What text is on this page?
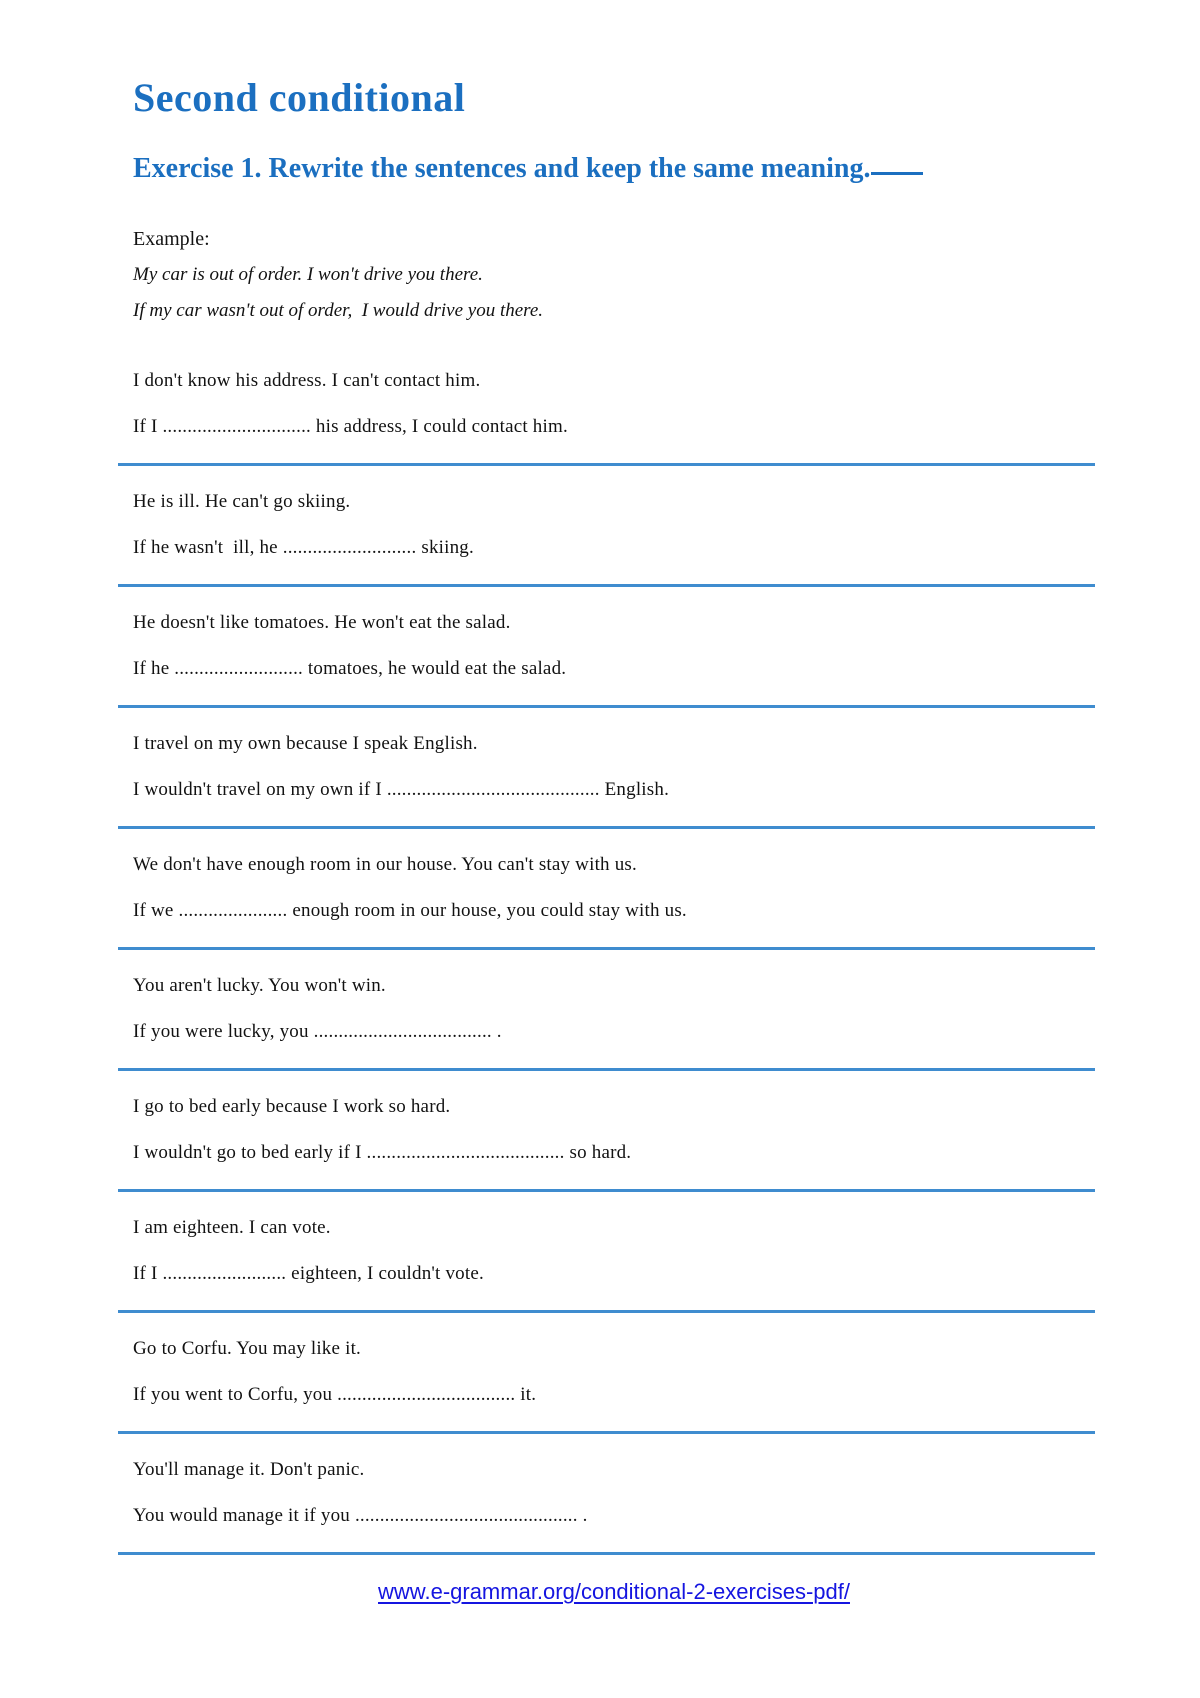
Second conditional
Exercise 1. Rewrite the sentences and keep the same meaning.

Example:

My car is out of order. I won't drive you there.

If my car wasn't out of order,  I would drive you there.

I don't know his address. I can't contact him.

If I .............................. his address, I could contact him.

He is ill. He can't go skiing.

If he wasn't  ill, he ........................... skiing.

He doesn't like tomatoes. He won't eat the salad.

If he .......................... tomatoes, he would eat the salad.

I travel on my own because I speak English.

I wouldn't travel on my own if I ........................................... English.

We don't have enough room in our house. You can't stay with us.

If we ...................... enough room in our house, you could stay with us.

You aren't lucky. You won't win.

If you were lucky, you .................................... .

I go to bed early because I work so hard.

I wouldn't go to bed early if I ........................................ so hard.

I am eighteen. I can vote.

If I ......................... eighteen, I couldn't vote.

Go to Corfu. You may like it.

If you went to Corfu, you .................................... it.

You'll manage it. Don't panic.

You would manage it if you ............................................. .

www.e-grammar.org/conditional-2-exercises-pdf/
